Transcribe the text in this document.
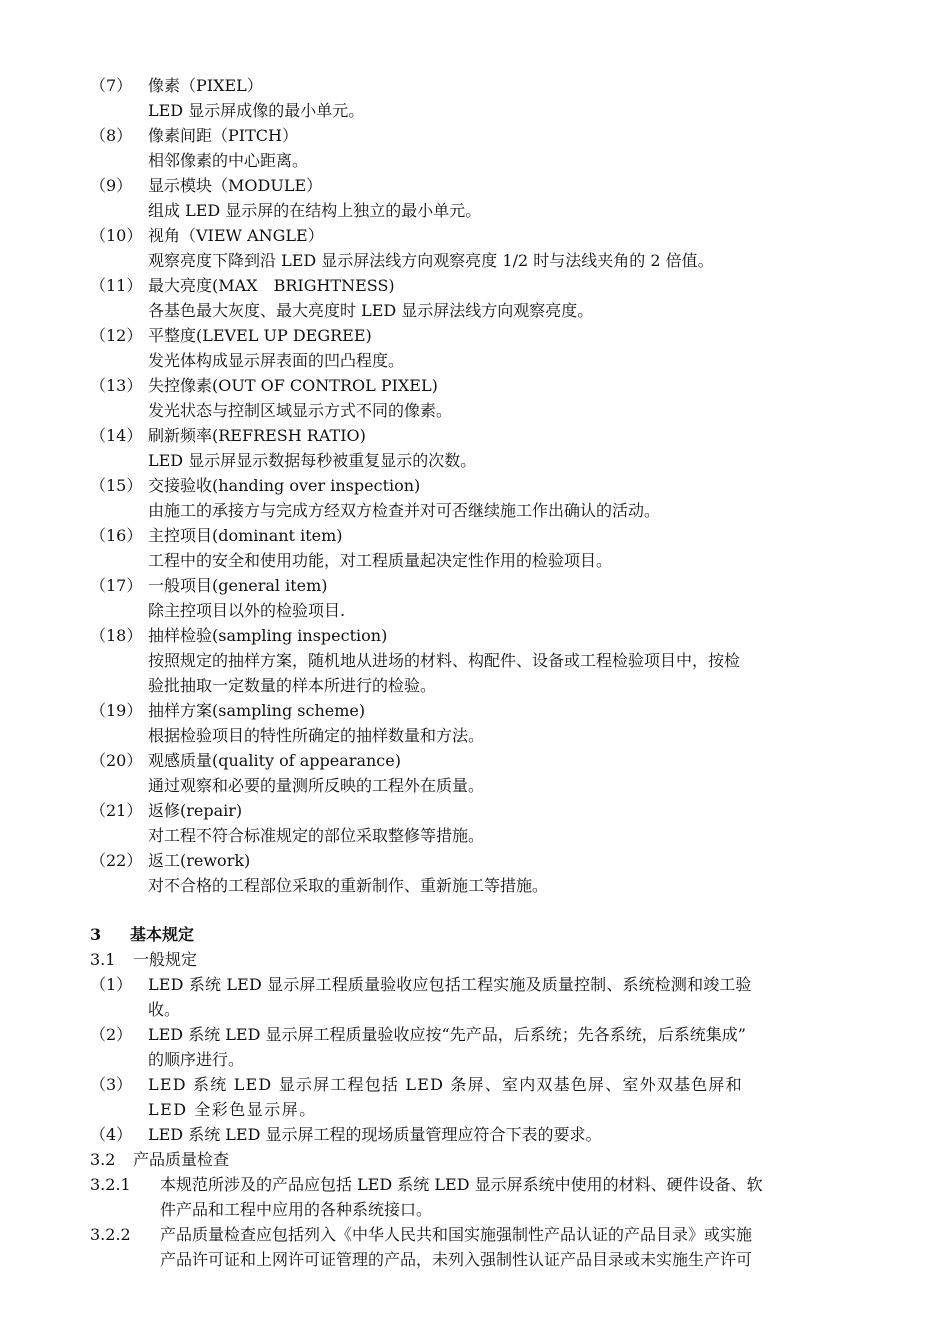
（7） 像素（PIXEL）
LED 显示屏成像的最小单元。
（8） 像素间距（PITCH）
相邻像素的中心距离。
（9） 显示模块（MODULE）
组成 LED 显示屏的在结构上独立的最小单元。
（10） 视角（VIEW ANGLE）
观察亮度下降到沿 LED 显示屏法线方向观察亮度 1/2 时与法线夹角的 2 倍值。
（11） 最大亮度(MAX　BRIGHTNESS)
各基色最大灰度、最大亮度时 LED 显示屏法线方向观察亮度。
（12） 平整度(LEVEL UP DEGREE)
发光体构成显示屏表面的凹凸程度。
（13） 失控像素(OUT OF CONTROL PIXEL)
发光状态与控制区域显示方式不同的像素。
（14） 刷新频率(REFRESH RATIO)
LED 显示屏显示数据每秒被重复显示的次数。
（15） 交接验收(handing over inspection)
由施工的承接方与完成方经双方检查并对可否继续施工作出确认的活动。
（16） 主控项目(dominant item)
工程中的安全和使用功能，对工程质量起决定性作用的检验项目。
（17） 一般项目(general item)
除主控项目以外的检验项目.
（18） 抽样检验(sampling inspection)
按照规定的抽样方案，随机地从进场的材料、构配件、设备或工程检验项目中，按检
验批抽取一定数量的样本所进行的检验。
（19） 抽样方案(sampling scheme)
根据检验项目的特性所确定的抽样数量和方法。
（20） 观感质量(quality of appearance)
通过观察和必要的量测所反映的工程外在质量。
（21） 返修(repair)
对工程不符合标准规定的部位采取整修等措施。
（22） 返工(rework)
对不合格的工程部位采取的重新制作、重新施工等措施。
3 基本规定
3.1 一般规定
（1） LED 系统 LED 显示屏工程质量验收应包括工程实施及质量控制、系统检测和竣工验
收。
（2） LED 系统 LED 显示屏工程质量验收应按“先产品，后系统；先各系统，后系统集成”
的顺序进行。
（3） LED 系统 LED 显示屏工程包括 LED 条屏、室内双基色屏、室外双基色屏和
LED 全彩色显示屏。
（4） LED 系统 LED 显示屏工程的现场质量管理应符合下表的要求。
3.2 产品质量检查
3.2.1 本规范所涉及的产品应包括 LED 系统 LED 显示屏系统中使用的材料、硬件设备、软
件产品和工程中应用的各种系统接口。
3.2.2 产品质量检查应包括列入《中华人民共和国实施强制性产品认证的产品目录》或实施
产品许可证和上网许可证管理的产品，未列入强制性认证产品目录或未实施生产许可
